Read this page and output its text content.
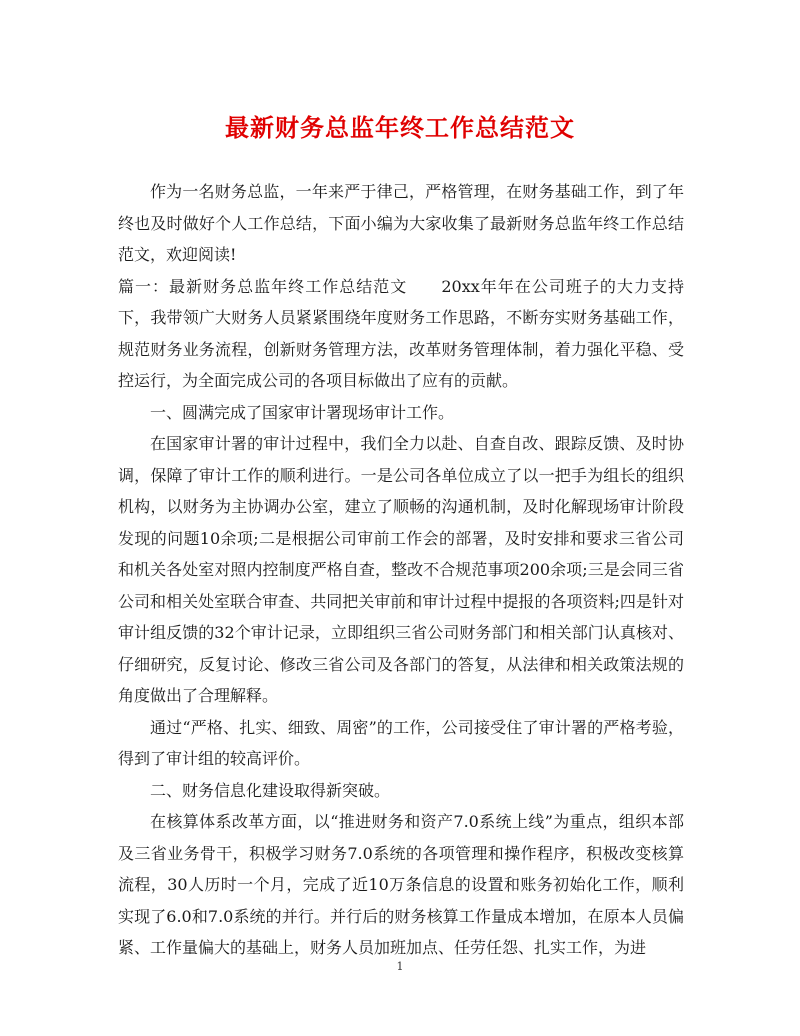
最新财务总监年终工作总结范文

作为一名财务总监，一年来严于律己，严格管理，在财务基础工作，到了年终也及时做好个人工作总结，下面小编为大家收集了最新财务总监年终工作总结范文，欢迎阅读!

篇一：最新财务总监年终工作总结范文　　20xx年年在公司班子的大力支持下，我带领广大财务人员紧紧围绕年度财务工作思路，不断夯实财务基础工作，规范财务业务流程，创新财务管理方法，改革财务管理体制，着力强化平稳、受控运行，为全面完成公司的各项目标做出了应有的贡献。

一、圆满完成了国家审计署现场审计工作。

在国家审计署的审计过程中，我们全力以赴、自查自改、跟踪反馈、及时协调，保障了审计工作的顺利进行。一是公司各单位成立了以一把手为组长的组织机构，以财务为主协调办公室，建立了顺畅的沟通机制，及时化解现场审计阶段发现的问题10余项;二是根据公司审前工作会的部署，及时安排和要求三省公司和机关各处室对照内控制度严格自查，整改不合规范事项200余项;三是会同三省公司和相关处室联合审查、共同把关审前和审计过程中提报的各项资料;四是针对审计组反馈的32个审计记录，立即组织三省公司财务部门和相关部门认真核对、仔细研究，反复讨论、修改三省公司及各部门的答复，从法律和相关政策法规的角度做出了合理解释。

通过“严格、扎实、细致、周密”的工作，公司接受住了审计署的严格考验，得到了审计组的较高评价。

二、财务信息化建设取得新突破。

在核算体系改革方面，以“推进财务和资产7.0系统上线”为重点，组织本部及三省业务骨干，积极学习财务7.0系统的各项管理和操作程序，积极改变核算流程，30人历时一个月，完成了近10万条信息的设置和账务初始化工作，顺利实现了6.0和7.0系统的并行。并行后的财务核算工作量成本增加，在原本人员偏紧、工作量偏大的基础上，财务人员加班加点、任劳任怨、扎实工作，为进

1
